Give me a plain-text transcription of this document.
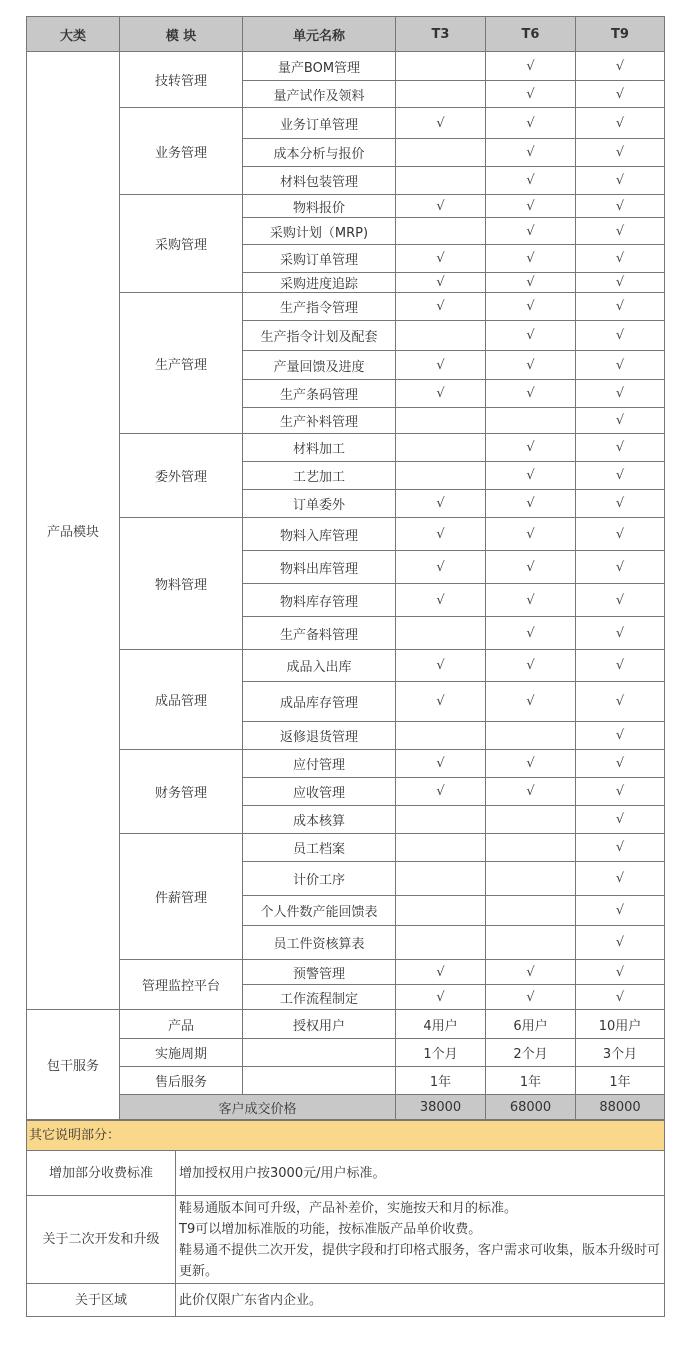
大类	模 块	单元名称	T3	T6	T9
产品模块	技转管理	量产BOM管理		√	√
		量产试作及领料		√	√
	业务管理	业务订单管理	√	√	√
		成本分析与报价		√	√
		材料包装管理		√	√
	采购管理	物料报价	√	√	√
		采购计划（MRP)		√	√
		采购订单管理	√	√	√
		采购进度追踪	√	√	√
	生产管理	生产指令管理	√	√	√
		生产指令计划及配套		√	√
		产量回馈及进度	√	√	√
		生产条码管理	√	√	√
		生产补料管理			√
	委外管理	材料加工		√	√
		工艺加工		√	√
		订单委外	√	√	√
	物料管理	物料入库管理	√	√	√
		物料出库管理	√	√	√
		物料库存管理	√	√	√
		生产备料管理		√	√
	成品管理	成品入出库	√	√	√
		成品库存管理	√	√	√
		返修退货管理			√
	财务管理	应付管理	√	√	√
		应收管理	√	√	√
		成本核算			√
	件薪管理	员工档案			√
		计价工序			√
		个人件数产能回馈表			√
		员工件资核算表			√
	管理监控平台	预警管理	√	√	√
		工作流程制定	√	√	√
包干服务	产品	授权用户	4用户	6用户	10用户
	实施周期		1个月	2个月	3个月
	售后服务		1年	1年	1年
	客户成交价格		38000	68000	88000
其它说明部分：	
增加部分收费标准	增加授权用户按3000元/用户标准。

关于二次开发和升级	鞋易通版本间可升级，产品补差价，实施按天和月的标准。
T9可以增加标准版的功能，按标准版产品单价收费。
鞋易通不提供二次开发，提供字段和打印格式服务，客户需求可收集，版本升级时可更新。

关于区域	此价仅限广东省内企业。
